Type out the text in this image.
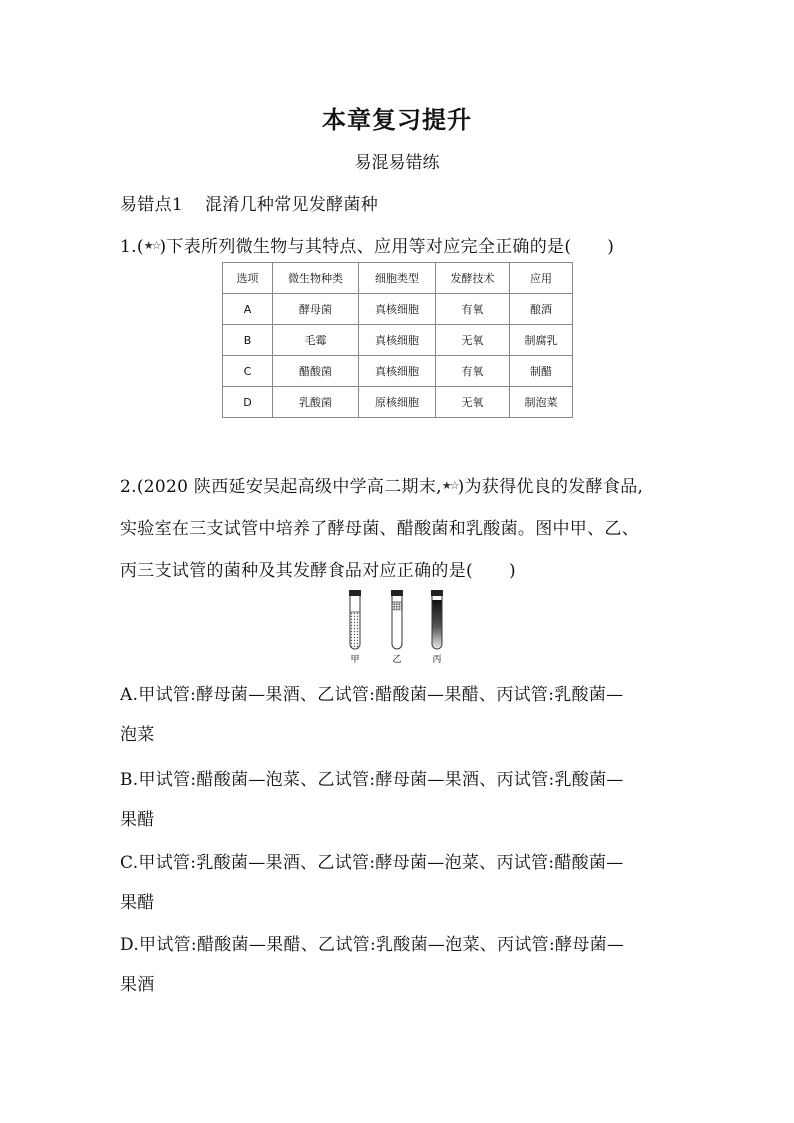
本章复习提升
易混易错练
易错点1 混淆几种常见发酵菌种
1.(★☆)下表所列微生物与其特点、应用等对应完全正确的是( )
选项	微生物种类	细胞类型	发酵技术	应用
A	酵母菌	真核细胞	有氧	酿酒
B	毛霉	真核细胞	无氧	制腐乳
C	醋酸菌	真核细胞	有氧	制醋
D	乳酸菌	原核细胞	无氧	制泡菜
2.(2020 陕西延安吴起高级中学高二期末,★☆)为获得优良的发酵食品,
实验室在三支试管中培养了酵母菌、醋酸菌和乳酸菌。图中甲、乙、
丙三支试管的菌种及其发酵食品对应正确的是( )
甲	乙	丙
A.甲试管:酵母菌—果酒、乙试管:醋酸菌—果醋、丙试管:乳酸菌—
泡菜
B.甲试管:醋酸菌—泡菜、乙试管:酵母菌—果酒、丙试管:乳酸菌—
果醋
C.甲试管:乳酸菌—果酒、乙试管:酵母菌—泡菜、丙试管:醋酸菌—
果醋
D.甲试管:醋酸菌—果醋、乙试管:乳酸菌—泡菜、丙试管:酵母菌—
果酒
